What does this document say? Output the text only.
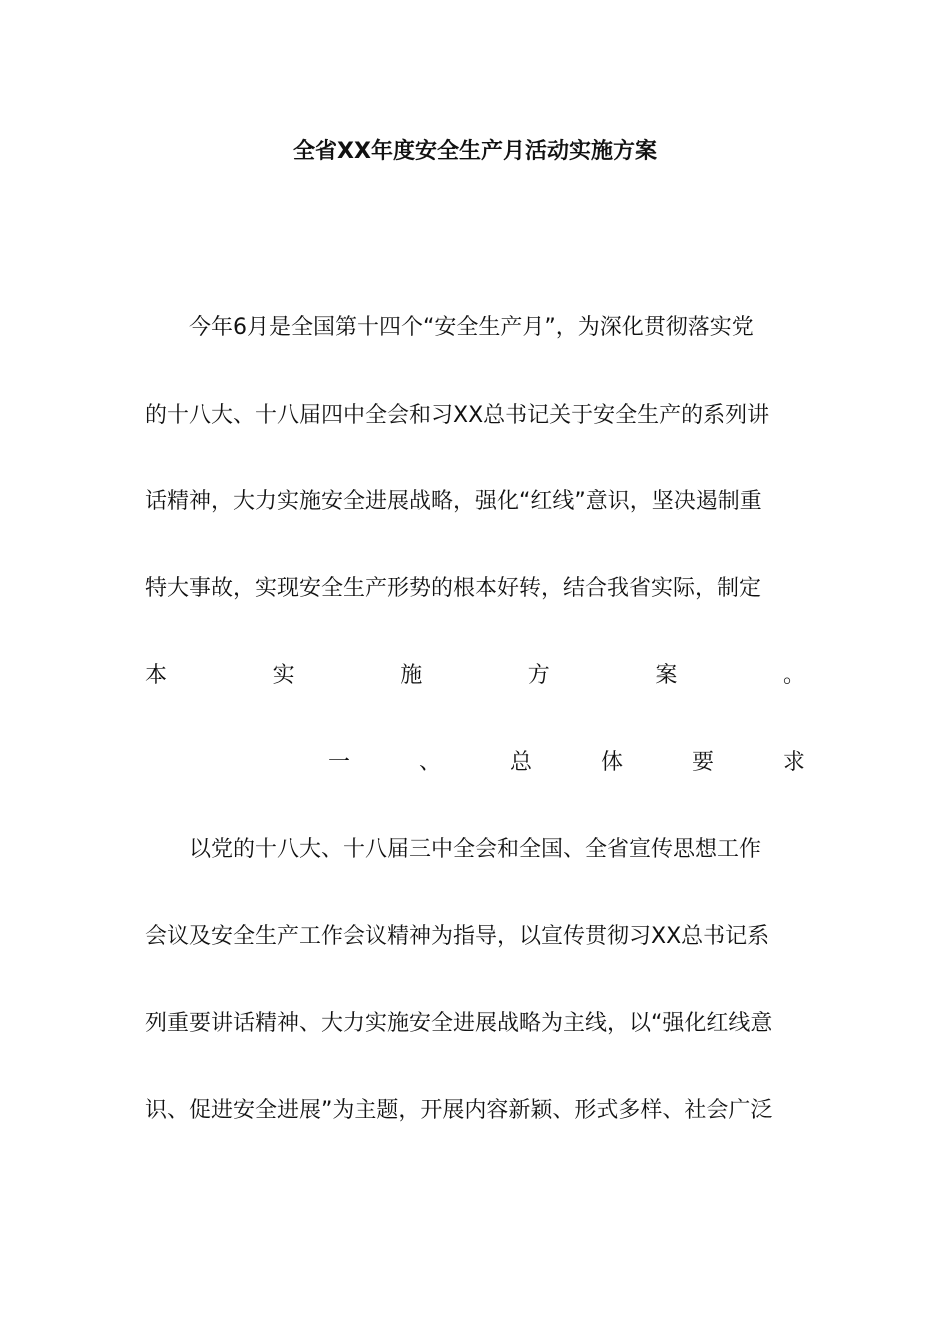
全省XX年度安全生产月活动实施方案
今年6月是全国第十四个“安全生产月”，为深化贯彻落实党
的十八大、十八届四中全会和习XX总书记关于安全生产的系列讲
话精神，大力实施安全进展战略，强化“红线”意识，坚决遏制重
特大事故，实现安全生产形势的根本好转，结合我省实际，制定
本	实	施	方	案	。
一	、	总	体	要	求
以党的十八大、十八届三中全会和全国、全省宣传思想工作
会议及安全生产工作会议精神为指导，以宣传贯彻习XX总书记系
列重要讲话精神、大力实施安全进展战略为主线，以“强化红线意
识、促进安全进展”为主题，开展内容新颖、形式多样、社会广泛
